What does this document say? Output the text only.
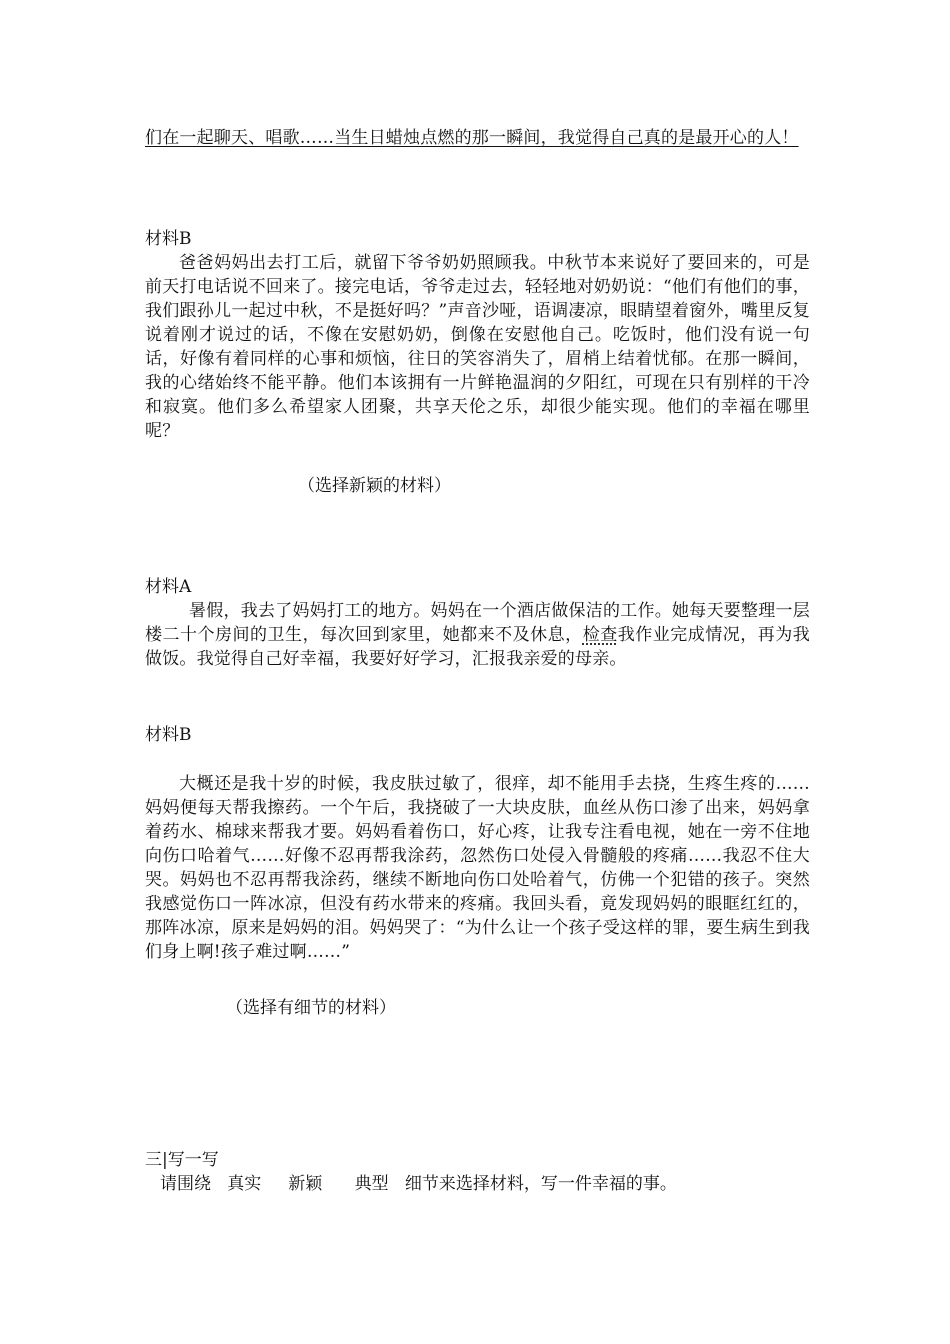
们在一起聊天、唱歌……当生日蜡烛点燃的那一瞬间，我觉得自己真的是最开心的人！
材料B
爸爸妈妈出去打工后，就留下爷爷奶奶照顾我。中秋节本来说好了要回来的，可是前天打电话说不回来了。接完电话，爷爷走过去，轻轻地对奶奶说：“他们有他们的事，我们跟孙儿一起过中秋，不是挺好吗？”声音沙哑，语调凄凉，眼睛望着窗外，嘴里反复说着刚才说过的话，不像在安慰奶奶，倒像在安慰他自己。吃饭时，他们没有说一句话，好像有着同样的心事和烦恼，往日的笑容消失了，眉梢上结着忧郁。在那一瞬间，我的心绪始终不能平静。他们本该拥有一片鲜艳温润的夕阳红，可现在只有别样的干冷和寂寞。他们多么希望家人团聚，共享天伦之乐，却很少能实现。他们的幸福在哪里呢？
（选择新颖的材料）
材料A
暑假，我去了妈妈打工的地方。妈妈在一个酒店做保洁的工作。她每天要整理一层楼二十个房间的卫生，每次回到家里，她都来不及休息，检查我作业完成情况，再为我做饭。我觉得自己好幸福，我要好好学习，汇报我亲爱的母亲。
材料B
大概还是我十岁的时候，我皮肤过敏了，很痒，却不能用手去挠，生疼生疼的……妈妈便每天帮我擦药。一个午后，我挠破了一大块皮肤，血丝从伤口渗了出来，妈妈拿着药水、棉球来帮我才要。妈妈看着伤口，好心疼，让我专注看电视，她在一旁不住地向伤口哈着气……好像不忍再帮我涂药，忽然伤口处侵入骨髓般的疼痛……我忍不住大哭。妈妈也不忍再帮我涂药，继续不断地向伤口处哈着气，仿佛一个犯错的孩子。突然我感觉伤口一阵冰凉，但没有药水带来的疼痛。我回头看，竟发现妈妈的眼眶红红的，那阵冰凉，原来是妈妈的泪。妈妈哭了：“为什么让一个孩子受这样的罪，要生病生到我们身上啊!孩子难过啊……”
（选择有细节的材料）
三|写一写
请围绕   真实     新颖      典型   细节来选择材料，写一件幸福的事。
